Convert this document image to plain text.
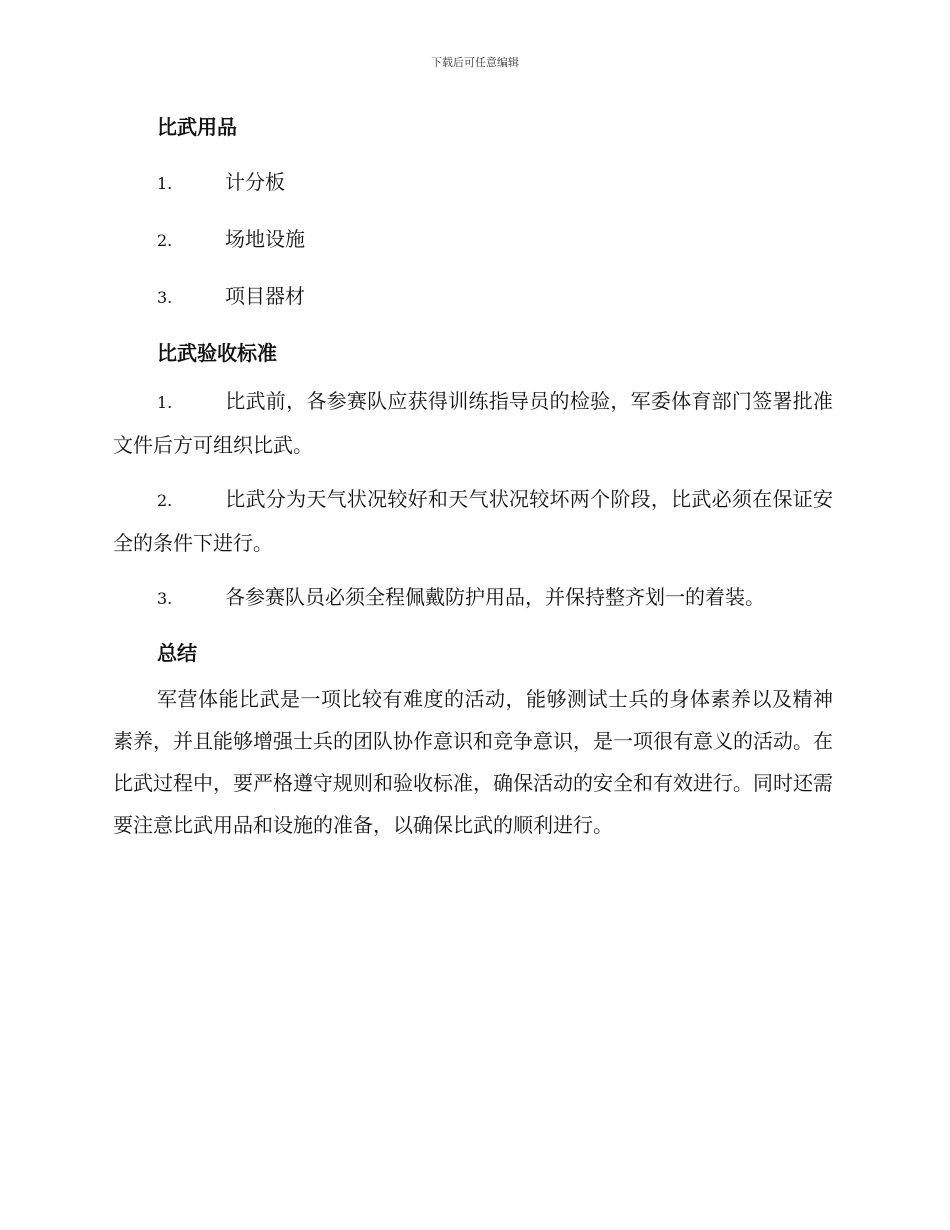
下载后可任意编辑
比武用品

1.	计分板

2.	场地设施

3.	项目器材

比武验收标准

1.	比武前，各参赛队应获得训练指导员的检验，军委体育部门签署批准文件后方可组织比武。

2.	比武分为天气状况较好和天气状况较坏两个阶段，比武必须在保证安全的条件下进行。

3.	各参赛队员必须全程佩戴防护用品，并保持整齐划一的着装。

总结

军营体能比武是一项比较有难度的活动，能够测试士兵的身体素养以及精神素养，并且能够增强士兵的团队协作意识和竞争意识，是一项很有意义的活动。在比武过程中，要严格遵守规则和验收标准，确保活动的安全和有效进行。同时还需要注意比武用品和设施的准备，以确保比武的顺利进行。
